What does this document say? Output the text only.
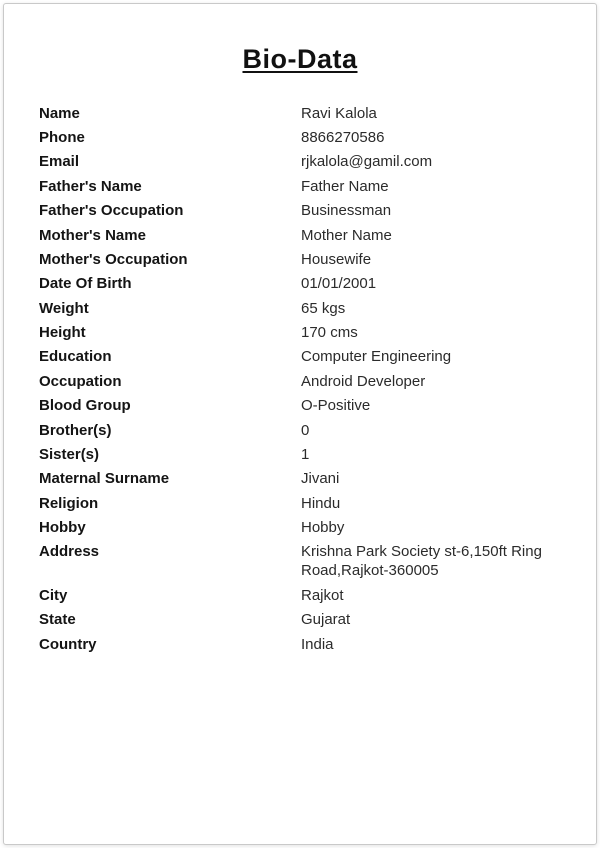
Bio-Data
Name	Ravi Kalola
Phone	8866270586
Email	rjkalola@gamil.com
Father's Name	Father Name
Father's Occupation	Businessman
Mother's Name	Mother Name
Mother's Occupation	Housewife
Date Of Birth	01/01/2001
Weight	65 kgs
Height	170 cms
Education	Computer Engineering
Occupation	Android Developer
Blood Group	O-Positive
Brother(s)	0
Sister(s)	1
Maternal Surname	Jivani
Religion	Hindu
Hobby	Hobby
Address	Krishna Park Society st-6,150ft Ring Road,Rajkot-360005
City	Rajkot
State	Gujarat
Country	India
